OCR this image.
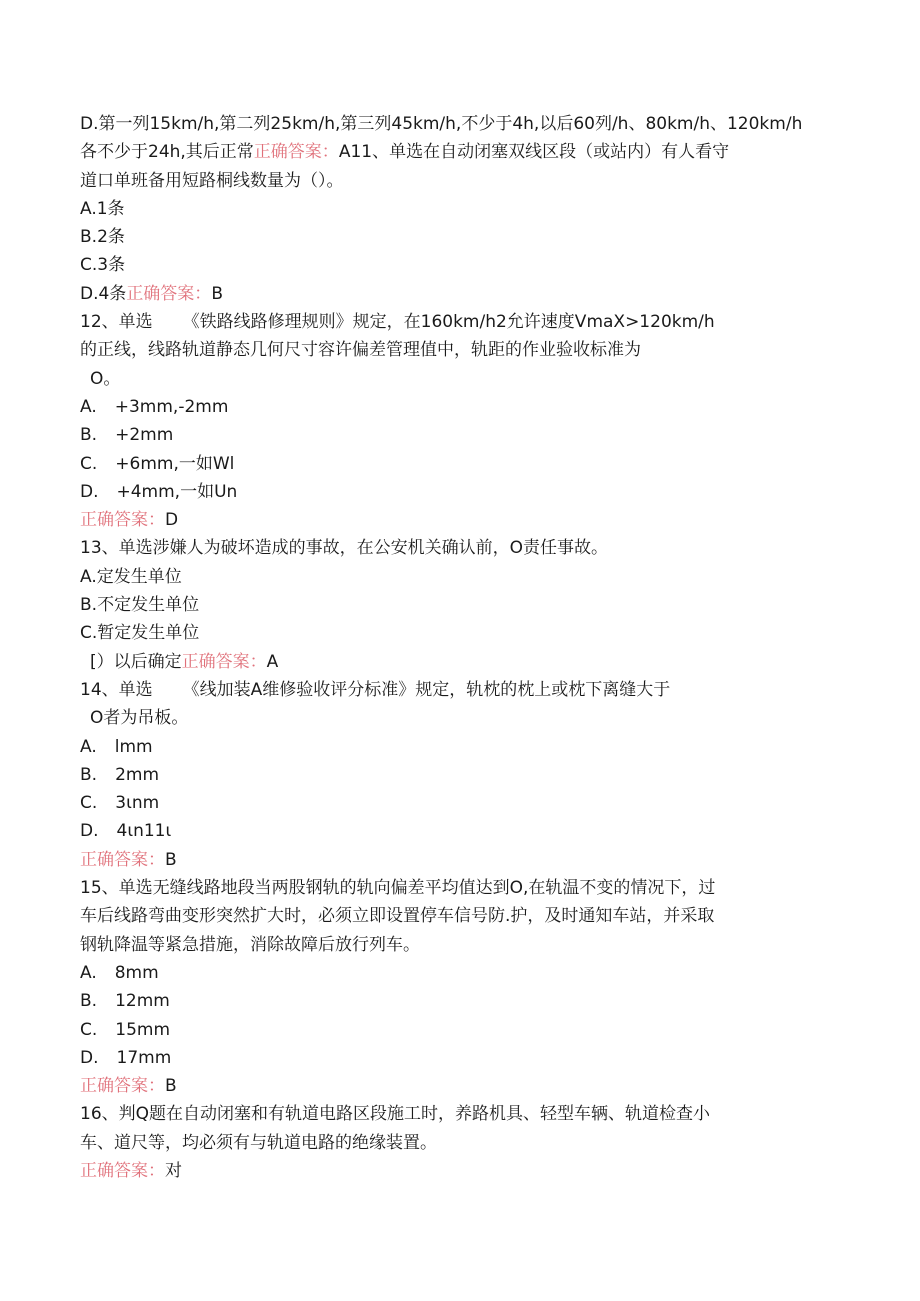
D.第一列15km/h,第二列25km/h,第三列45km/h,不少于4h,以后60列/h、80km/h、120km/h
各不少于24h,其后正常正确答案：A11、单选在自动闭塞双线区段（或站内）有人看守
道口单班备用短路桐线数量为（）。
A.1条
B.2条
C.3条
D.4条正确答案：B
12、单选 《铁路线路修理规则》规定，在160km/h2允许速度VmaX>120km/h
的正线，线路轨道静态几何尺寸容许偏差管理值中，轨距的作业验收标准为
O。
A. +3mm,-2mm
B. +2mm
C. +6mm,一如Wl
D. +4mm,一如Un
正确答案：D
13、单选涉嫌人为破坏造成的事故，在公安机关确认前，O责任事故。
A.定发生单位
B.不定发生单位
C.暂定发生单位
[）以后确定正确答案：A
14、单选 《线加装A维修验收评分标准》规定，轨枕的枕上或枕下离缝大于
O者为吊板。
A. lmm
B. 2mm
C. 3ιnm
D. 4ιn11ι
正确答案：B
15、单选无缝线路地段当两股钢轨的轨向偏差平均值达到O,在轨温不变的情况下，过
车后线路弯曲变形突然扩大时，必须立即设置停车信号防.护，及时通知车站，并采取
钢轨降温等紧急措施，消除故障后放行列车。
A. 8mm
B. 12mm
C. 15mm
D. 17mm
正确答案：B
16、判Q题在自动闭塞和有轨道电路区段施工时，养路机具、轻型车辆、轨道检查小
车、道尺等，均必须有与轨道电路的绝缘装置。
正确答案：对
